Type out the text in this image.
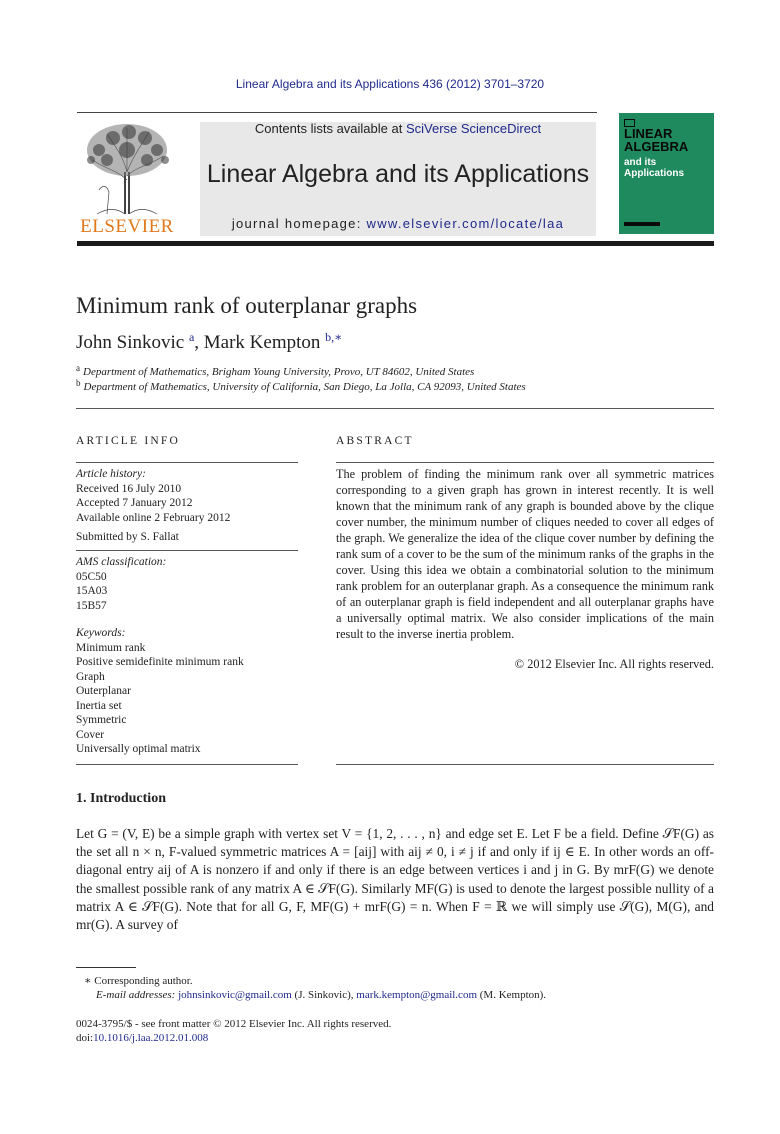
Linear Algebra and its Applications 436 (2012) 3701–3720
ELSEVIER
Contents lists available at SciVerse ScienceDirect
Linear Algebra and its Applications
journal homepage: www.elsevier.com/locate/laa
LINEAR ALGEBRA
and its Applications
Minimum rank of outerplanar graphs
John Sinkovic $^a$, Mark Kempton $^{b,∗}$
$^a$ Department of Mathematics, Brigham Young University, Provo, UT 84602, United States
$^b$ Department of Mathematics, University of California, San Diego, La Jolla, CA 92093, United States
ARTICLE INFO
Article history:
Received 16 July 2010
Accepted 7 January 2012
Available online 2 February 2012
Submitted by S. Fallat
AMS classification:
05C50
15A03
15B57
Keywords:
Minimum rank
Positive semidefinite minimum rank
Graph
Outerplanar
Inertia set
Symmetric
Cover
Universally optimal matrix
ABSTRACT
The problem of finding the minimum rank over all symmetric matrices corresponding to a given graph has grown in interest recently. It is well known that the minimum rank of any graph is bounded above by the clique cover number, the minimum number of cliques needed to cover all edges of the graph. We generalize the idea of the clique cover number by defining the rank sum of a cover to be the sum of the minimum ranks of the graphs in the cover. Using this idea we obtain a combinatorial solution to the minimum rank problem for an outerplanar graph. As a consequence the minimum rank of an outerplanar graph is field independent and all outerplanar graphs have a universally optimal matrix. We also consider implications of the main result to the inverse inertia problem.
© 2012 Elsevier Inc. All rights reserved.
1. Introduction
Let G = (V, E) be a simple graph with vertex set V = {1, 2, . . . , n} and edge set E. Let F be a field. Define 𝒮F(G) as the set all n × n, F-valued symmetric matrices A = [aij] with aij ≠ 0, i ≠ j if and only if ij ∈ E. In other words an off-diagonal entry aij of A is nonzero if and only if there is an edge between vertices i and j in G. By mrF(G) we denote the smallest possible rank of any matrix A ∈ 𝒮F(G). Similarly MF(G) is used to denote the largest possible nullity of a matrix A ∈ 𝒮F(G). Note that for all G, F, MF(G) + mrF(G) = n. When F = ℝ we will simply use 𝒮(G), M(G), and mr(G). A survey of
∗ Corresponding author.
E-mail addresses: johnsinkovic@gmail.com (J. Sinkovic), mark.kempton@gmail.com (M. Kempton).
0024-3795/$ - see front matter © 2012 Elsevier Inc. All rights reserved.
doi:10.1016/j.laa.2012.01.008
